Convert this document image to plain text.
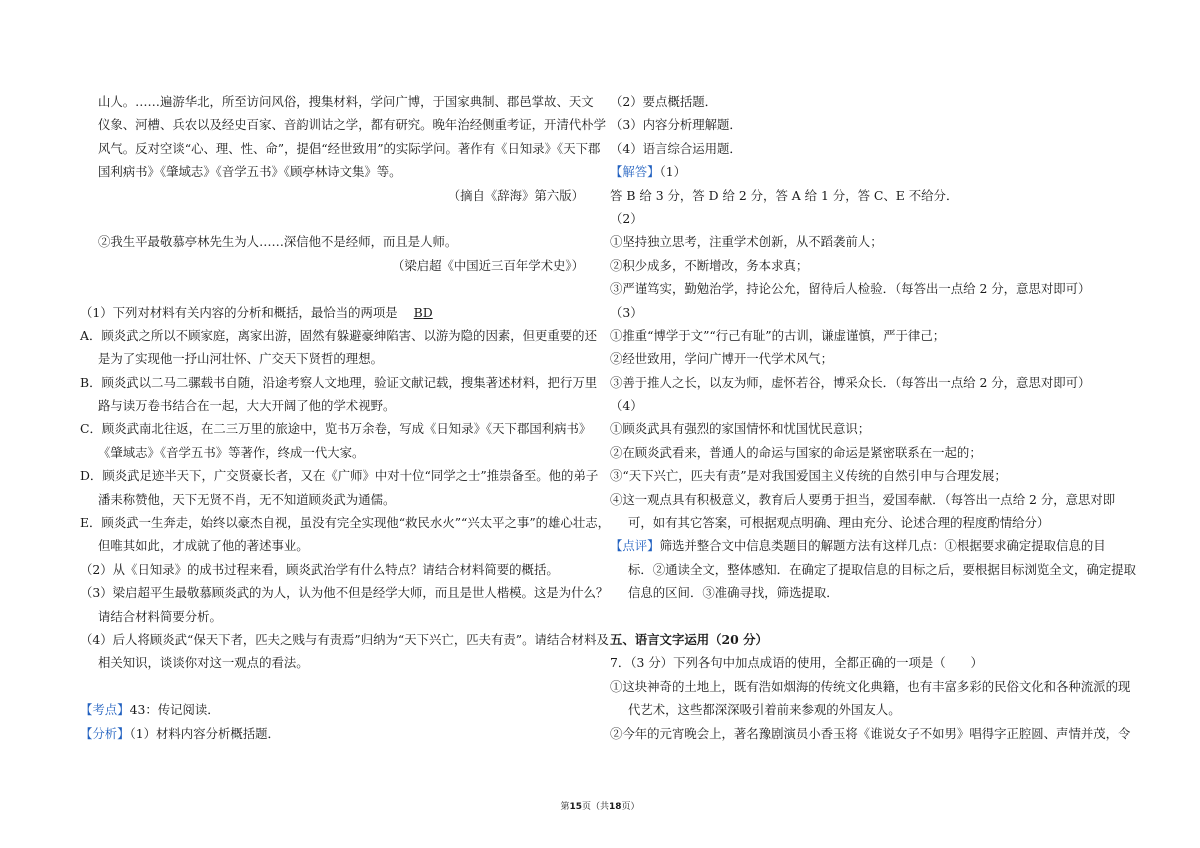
山人。……遍游华北，所至访问风俗，搜集材料，学问广博，于国家典制、郡邑掌故、天文
仪象、河槽、兵农以及经史百家、音韵训诂之学，都有研究。晚年治经侧重考证，开清代朴学
风气。反对空谈“心、理、性、命”，提倡“经世致用”的实际学问。著作有《日知录》《天下郡
国利病书》《肇域志》《音学五书》《顾亭林诗文集》等。
（摘自《辞海》第六版）
②我生平最敬慕亭林先生为人……深信他不是经师，而且是人师。
（梁启超《中国近三百年学术史》）
（1）下列对材料有关内容的分析和概括，最恰当的两项是 BD
A．顾炎武之所以不顾家庭，离家出游，固然有躲避豪绅陷害、以游为隐的因素，但更重要的还
是为了实现他一抒山河壮怀、广交天下贤哲的理想。
B．顾炎武以二马二骡载书自随，沿途考察人文地理，验证文献记载，搜集著述材料，把行万里
路与读万卷书结合在一起，大大开阔了他的学术视野。
C．顾炎武南北往返，在二三万里的旅途中，览书万余卷，写成《日知录》《天下郡国利病书》
《肇域志》《音学五书》等著作，终成一代大家。
D．顾炎武足迹半天下，广交贤豪长者，又在《广师》中对十位“同学之士”推崇备至。他的弟子
潘耒称赞他，天下无贤不肖，无不知道顾炎武为通儒。
E．顾炎武一生奔走，始终以豪杰自视，虽没有完全实现他“救民水火”“兴太平之事”的雄心壮志，
但唯其如此，才成就了他的著述事业。
（2）从《日知录》的成书过程来看，顾炎武治学有什么特点？请结合材料简要的概括。
（3）梁启超平生最敬慕顾炎武的为人，认为他不但是经学大师，而且是世人楷模。这是为什么？
请结合材料简要分析。
（4）后人将顾炎武“保天下者，匹夫之贱与有责焉”归纳为“天下兴亡，匹夫有责”。请结合材料及
相关知识，谈谈你对这一观点的看法。
【考点】43：传记阅读．
【分析】（1）材料内容分析概括题．
（2）要点概括题．
（3）内容分析理解题．
（4）语言综合运用题．
【解答】（1）
答 B 给 3 分，答 D 给 2 分，答 A 给 1 分，答 C、E 不给分．
（2）
①坚持独立思考，注重学术创新，从不蹈袭前人；
②积少成多，不断增改，务本求真；
③严谨笃实，勤勉治学，持论公允，留待后人检验．（每答出一点给 2 分，意思对即可）
（3）
①推重“博学于文”“行己有耻”的古训，谦虚谨慎，严于律己；
②经世致用，学问广博开一代学术风气；
③善于推人之长，以友为师，虚怀若谷，博采众长．（每答出一点给 2 分，意思对即可）
（4）
①顾炎武具有强烈的家国情怀和忧国忧民意识；
②在顾炎武看来，普通人的命运与国家的命运是紧密联系在一起的；
③“天下兴亡，匹夫有责”是对我国爱国主义传统的自然引申与合理发展；
④这一观点具有积极意义，教育后人要勇于担当，爱国奉献．（每答出一点给 2 分，意思对即
可，如有其它答案，可根据观点明确、理由充分、论述合理的程度酌情给分）
【点评】筛选并整合文中信息类题目的解题方法有这样几点：①根据要求确定提取信息的目
标．②通读全文，整体感知．在确定了提取信息的目标之后，要根据目标浏览全文，确定提取
信息的区间．③准确寻找，筛选提取．
五、语言文字运用（20 分）
7．（3 分）下列各句中加点成语的使用，全都正确的一项是（　　）
①这块神奇的土地上，既有浩如烟海的传统文化典籍，也有丰富多彩的民俗文化和各种流派的现
代艺术，这些都深深吸引着前来参观的外国友人。
②今年的元宵晚会上，著名豫剧演员小香玉将《谁说女子不如男》唱得字正腔圆、声情并茂，令
第15页（共18页）
